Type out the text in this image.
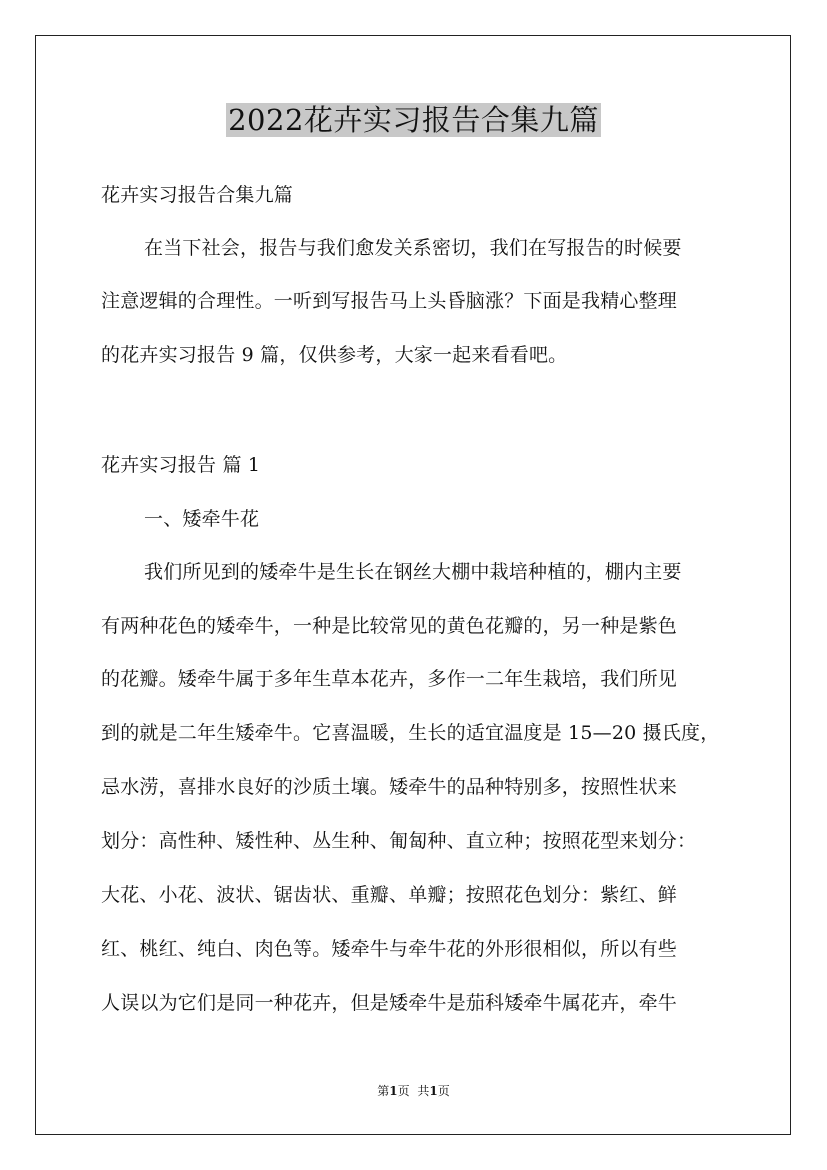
2022花卉实习报告合集九篇
花卉实习报告合集九篇
在当下社会，报告与我们愈发关系密切，我们在写报告的时候要
注意逻辑的合理性。一听到写报告马上头昏脑涨？下面是我精心整理
的花卉实习报告 9 篇，仅供参考，大家一起来看看吧。
花卉实习报告 篇 1
一、矮牵牛花
我们所见到的矮牵牛是生长在钢丝大棚中栽培种植的，棚内主要
有两种花色的矮牵牛，一种是比较常见的黄色花瓣的，另一种是紫色
的花瓣。矮牵牛属于多年生草本花卉，多作一二年生栽培，我们所见
到的就是二年生矮牵牛。它喜温暖，生长的适宜温度是 15—20 摄氏度，
忌水涝，喜排水良好的沙质土壤。矮牵牛的品种特别多，按照性状来
划分：高性种、矮性种、丛生种、匍匐种、直立种；按照花型来划分：
大花、小花、波状、锯齿状、重瓣、单瓣；按照花色划分：紫红、鲜
红、桃红、纯白、肉色等。矮牵牛与牵牛花的外形很相似，所以有些
人误以为它们是同一种花卉，但是矮牵牛是茄科矮牵牛属花卉，牵牛
第1页 共1页
